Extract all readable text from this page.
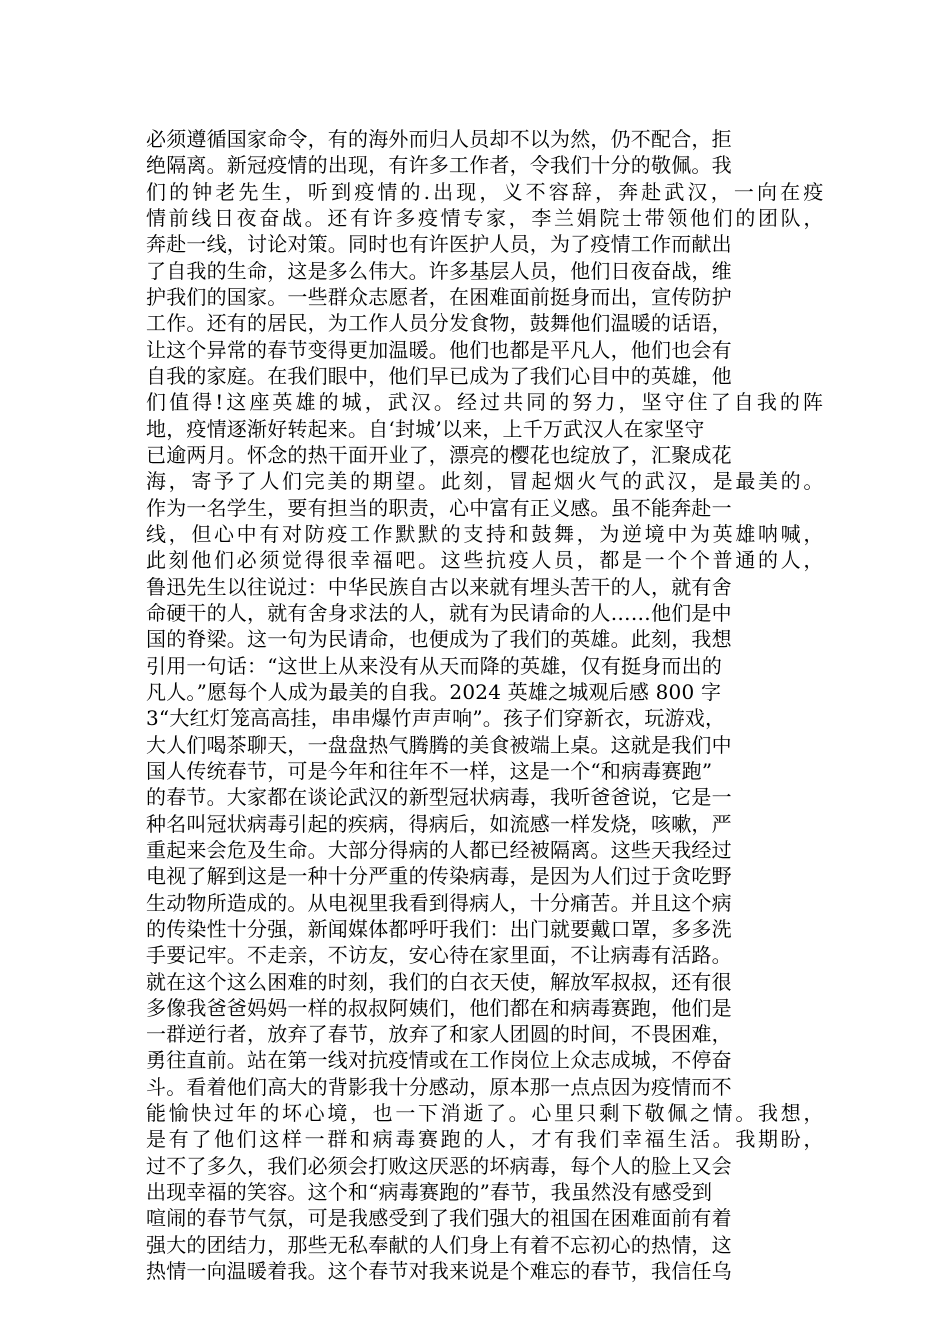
必须遵循国家命令，有的海外而归人员却不以为然，仍不配合，拒
绝隔离。新冠疫情的出现，有许多工作者，令我们十分的敬佩。我
们的钟老先生，听到疫情的.出现，义不容辞，奔赴武汉，一向在疫
情前线日夜奋战。还有许多疫情专家，李兰娟院士带领他们的团队，
奔赴一线，讨论对策。同时也有许医护人员，为了疫情工作而献出
了自我的生命，这是多么伟大。许多基层人员，他们日夜奋战，维
护我们的国家。一些群众志愿者，在困难面前挺身而出，宣传防护
工作。还有的居民，为工作人员分发食物，鼓舞他们温暖的话语，
让这个异常的春节变得更加温暖。他们也都是平凡人，他们也会有
自我的家庭。在我们眼中，他们早已成为了我们心目中的英雄，他
们值得!这座英雄的城，武汉。经过共同的努力，坚守住了自我的阵
地，疫情逐渐好转起来。自‘封城’以来，上千万武汉人在家坚守
已逾两月。怀念的热干面开业了，漂亮的樱花也绽放了，汇聚成花
海，寄予了人们完美的期望。此刻，冒起烟火气的武汉，是最美的。
作为一名学生，要有担当的职责，心中富有正义感。虽不能奔赴一
线，但心中有对防疫工作默默的支持和鼓舞，为逆境中为英雄呐喊，
此刻他们必须觉得很幸福吧。这些抗疫人员，都是一个个普通的人，
鲁迅先生以往说过：中华民族自古以来就有埋头苦干的人，就有舍
命硬干的人，就有舍身求法的人，就有为民请命的人……他们是中
国的脊梁。这一句为民请命，也便成为了我们的英雄。此刻，我想
引用一句话：“这世上从来没有从天而降的英雄，仅有挺身而出的
凡人。”愿每个人成为最美的自我。2024 英雄之城观后感 800 字
3“大红灯笼高高挂，串串爆竹声声响”。孩子们穿新衣，玩游戏，
大人们喝茶聊天，一盘盘热气腾腾的美食被端上桌。这就是我们中
国人传统春节，可是今年和往年不一样，这是一个“和病毒赛跑”
的春节。大家都在谈论武汉的新型冠状病毒，我听爸爸说，它是一
种名叫冠状病毒引起的疾病，得病后，如流感一样发烧，咳嗽，严
重起来会危及生命。大部分得病的人都已经被隔离。这些天我经过
电视了解到这是一种十分严重的传染病毒，是因为人们过于贪吃野
生动物所造成的。从电视里我看到得病人，十分痛苦。并且这个病
的传染性十分强，新闻媒体都呼吁我们：出门就要戴口罩，多多洗
手要记牢。不走亲，不访友，安心待在家里面，不让病毒有活路。
就在这个这么困难的时刻，我们的白衣天使，解放军叔叔，还有很
多像我爸爸妈妈一样的叔叔阿姨们，他们都在和病毒赛跑，他们是
一群逆行者，放弃了春节，放弃了和家人团圆的时间，不畏困难，
勇往直前。站在第一线对抗疫情或在工作岗位上众志成城，不停奋
斗。看着他们高大的背影我十分感动，原本那一点点因为疫情而不
能愉快过年的坏心境，也一下消逝了。心里只剩下敬佩之情。我想，
是有了他们这样一群和病毒赛跑的人，才有我们幸福生活。我期盼，
过不了多久，我们必须会打败这厌恶的坏病毒，每个人的脸上又会
出现幸福的笑容。这个和“病毒赛跑的”春节，我虽然没有感受到
喧闹的春节气氛，可是我感受到了我们强大的祖国在困难面前有着
强大的团结力，那些无私奉献的人们身上有着不忘初心的热情，这
热情一向温暖着我。这个春节对我来说是个难忘的春节，我信任乌
